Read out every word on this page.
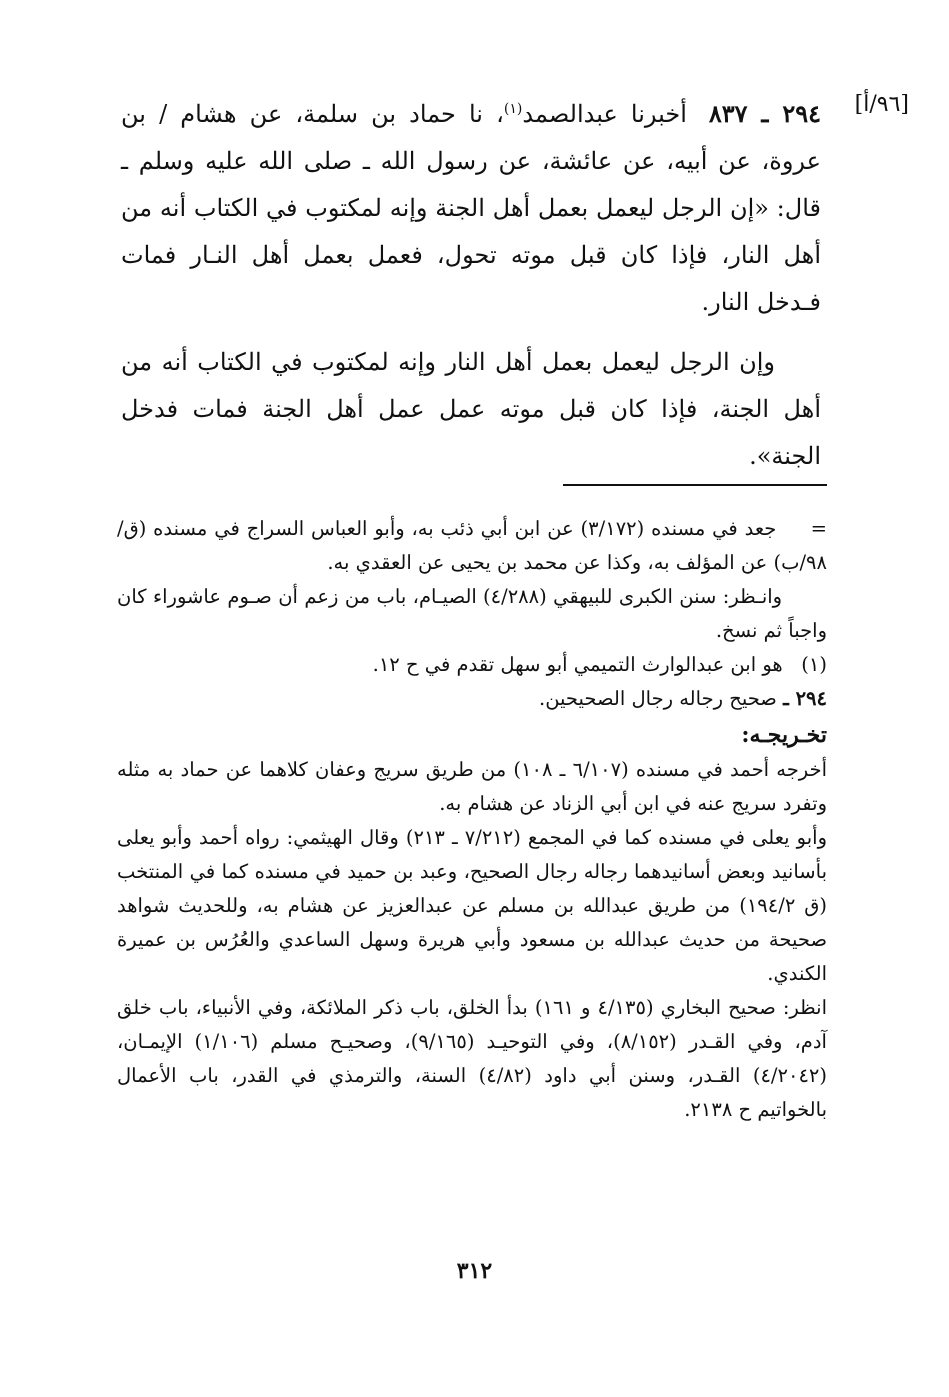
[٩٦/أ]

٢٩٤ ـ ٨٣٧أخبرنا عبدالصمد$^{(١)}$، نا حماد بن سلمة، عن هشام / بن عروة، عن أبيه، عن عائشة، عن رسول الله ـ صلى الله عليه وسلم ـ قال: «إن الرجل ليعمل بعمل أهل الجنة وإنه لمكتوب في الكتاب أنه من أهل النار، فإذا كان قبل موته تحول، فعمل بعمل أهل النـار فمات فـدخل النار.

وإن الرجل ليعمل بعمل أهل النار وإنه لمكتوب في الكتاب أنه من أهل الجنة، فإذا كان قبل موته عمل عمل أهل الجنة فمات فدخل الجنة».

=     جعد في مسنده (٣/١٧٢) عن ابن أبي ذئب به، وأبو العباس السراج في مسنده (ق/٩٨/ب) عن المؤلف به، وكذا عن محمد بن يحيى عن العقدي به.

وانـظر: سنن الكبرى للبيهقي (٤/٢٨٨) الصيـام، باب من زعم أن صـوم عاشوراء كان واجباً ثم نسخ.

(١)   هو ابن عبدالوارث التميمي أبو سهل تقدم في ح ١٢.

٢٩٤ ـ صحيح رجاله رجال الصحيحين.

تخـريجـه:

أخرجه أحمد في مسنده (٦/١٠٧ ـ ١٠٨) من طريق سريج وعفان كلاهما عن حماد به مثله وتفرد سريج عنه في ابن أبي الزناد عن هشام به.

وأبو يعلى في مسنده كما في المجمع (٧/٢١٢ ـ ٢١٣) وقال الهيثمي: رواه أحمد وأبو يعلى بأسانيد وبعض أسانيدهما رجاله رجال الصحيح، وعبد بن حميد في مسنده كما في المنتخب (ق ١٩٤/٢) من طريق عبدالله بن مسلم عن عبدالعزيز عن هشام به، وللحديث شواهد صحيحة من حديث عبدالله بن مسعود وأبي هريرة وسهل الساعدي والعُرُس بن عميرة الكندي.

انظر: صحيح البخاري (٤/١٣٥ و ١٦١) بدأ الخلق، باب ذكر الملائكة، وفي الأنبياء، باب خلق آدم، وفي القـدر (٨/١٥٢)، وفي التوحيـد (٩/١٦٥)، وصحيـح مسلم (١/١٠٦) الإيمـان، (٤/٢٠٤٢) القـدر، وسنن أبي داود (٤/٨٢) السنة، والترمذي في القدر، باب الأعمال بالخواتيم ح ٢١٣٨.

٣١٢
